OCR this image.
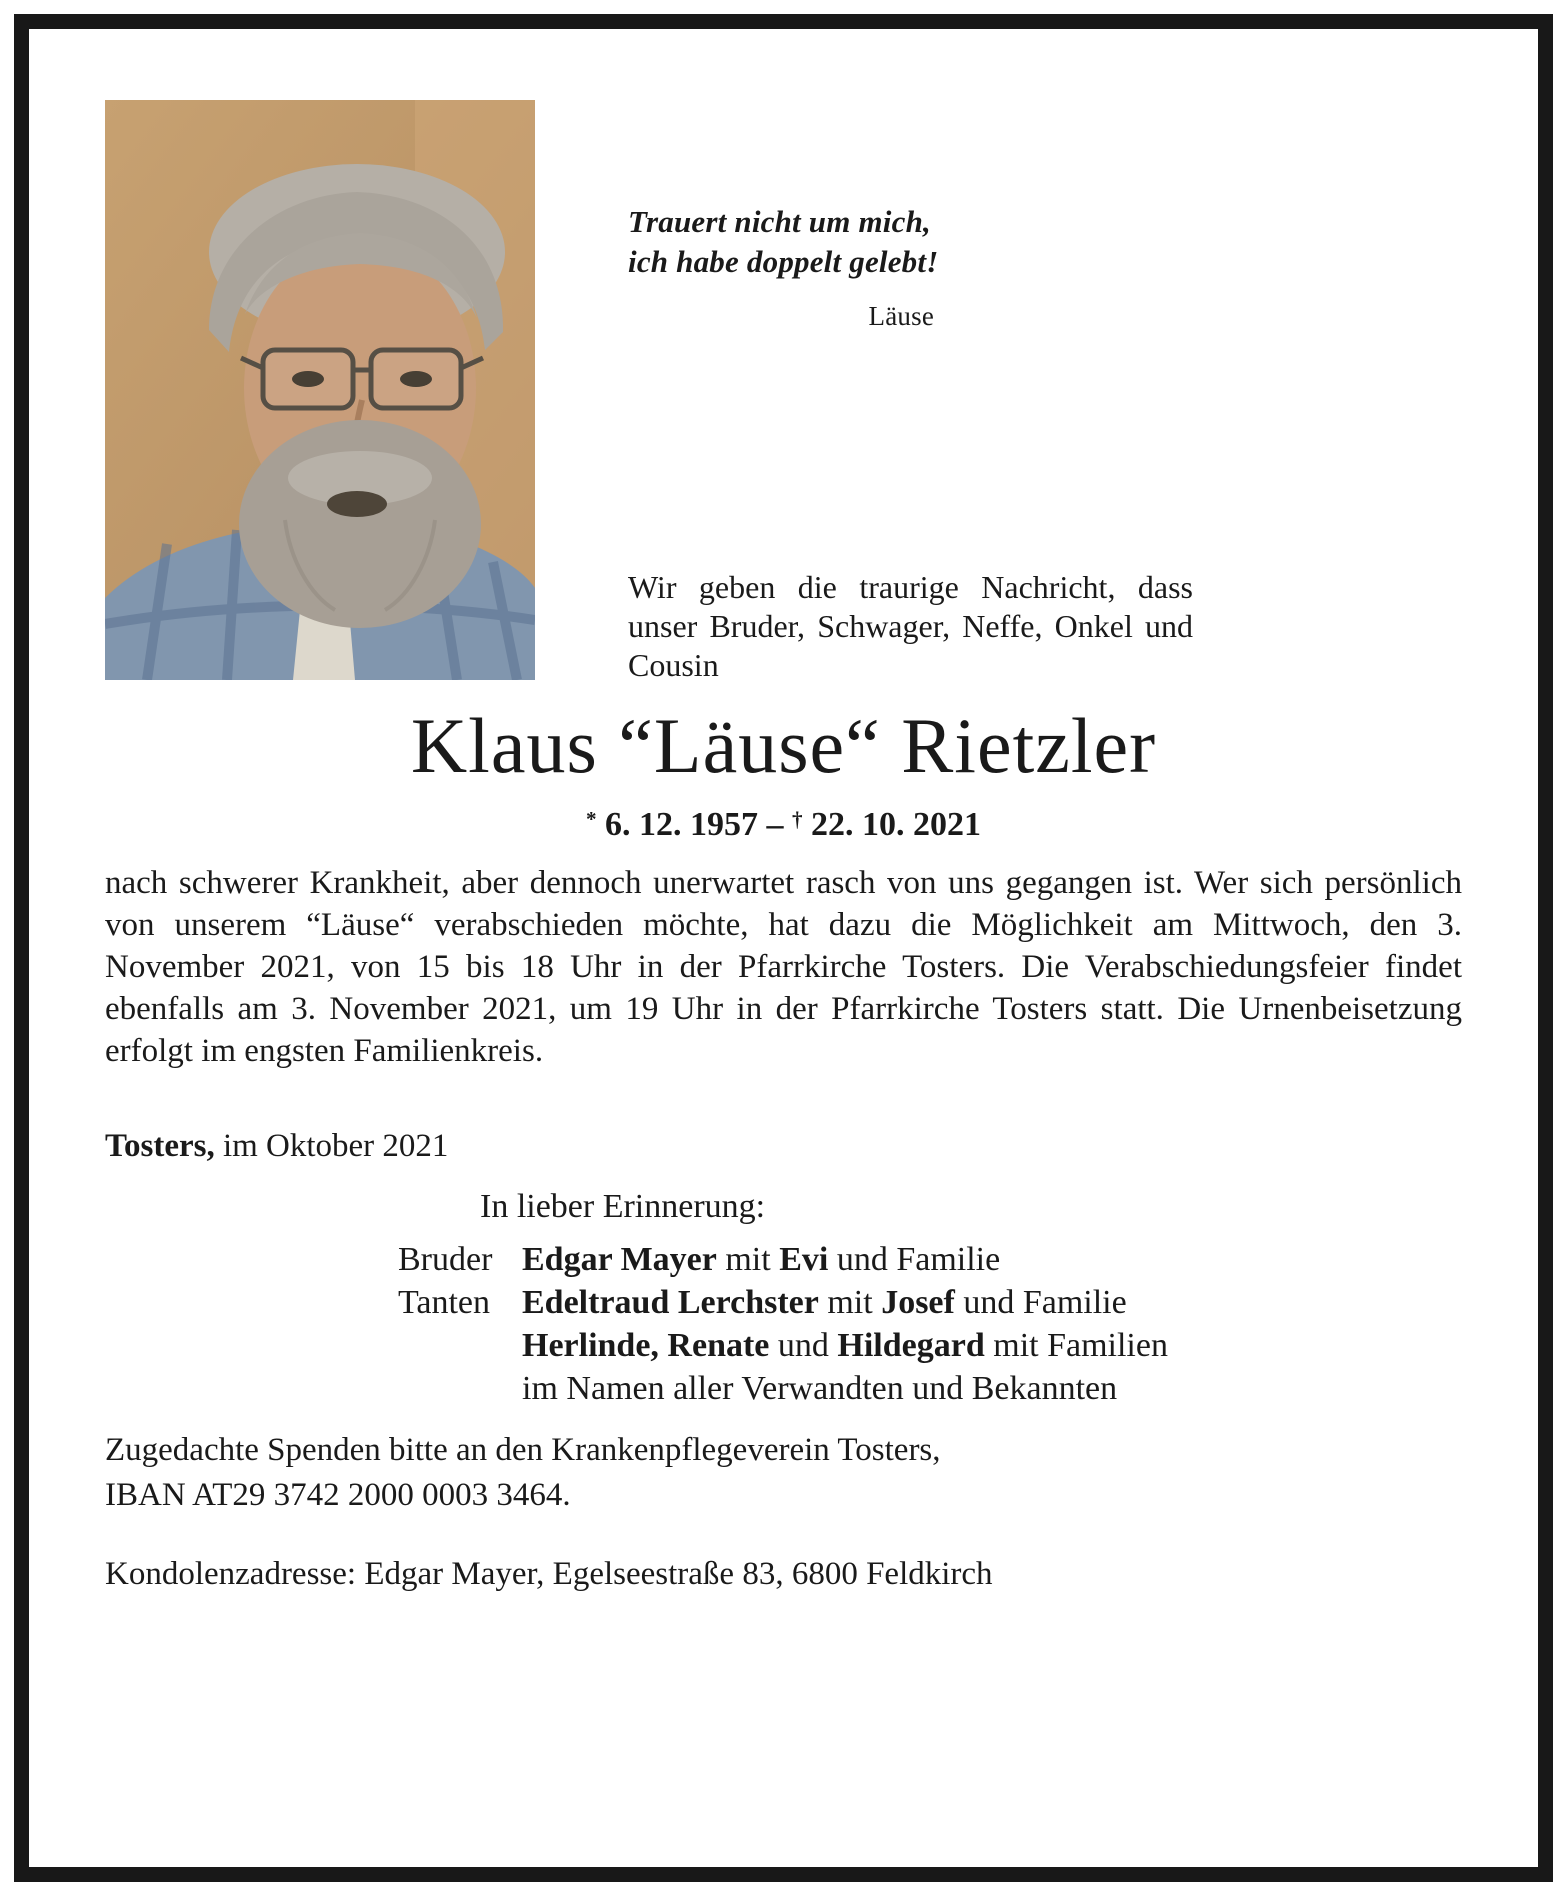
Trauert nicht um mich,
ich habe doppelt gelebt!
Läuse
Wir geben die traurige Nachricht, dass unser Bruder, Schwager, Neffe, Onkel und Cousin
Klaus “Läuse“ Rietzler
* 6. 12. 1957 – † 22. 10. 2021
nach schwerer Krankheit, aber dennoch unerwartet rasch von uns gegangen ist. Wer sich persönlich von unserem “Läuse“ verabschieden möchte, hat dazu die Möglichkeit am Mittwoch, den 3. November 2021, von 15 bis 18 Uhr in der Pfarrkirche Tosters. Die Verabschiedungsfeier findet ebenfalls am 3. November 2021, um 19 Uhr in der Pfarrkirche Tosters statt. Die Urnenbeisetzung erfolgt im engsten Familienkreis.
Tosters, im Oktober 2021
In lieber Erinnerung:
Bruder Edgar Mayer mit Evi und Familie
Tanten Edeltraud Lerchster mit Josef und Familie
Herlinde, Renate und Hildegard mit Familien
im Namen aller Verwandten und Bekannten
Zugedachte Spenden bitte an den Krankenpflegeverein Tosters,
IBAN AT29 3742 2000 0003 3464.
Kondolenzadresse: Edgar Mayer, Egelseestraße 83, 6800 Feldkirch
